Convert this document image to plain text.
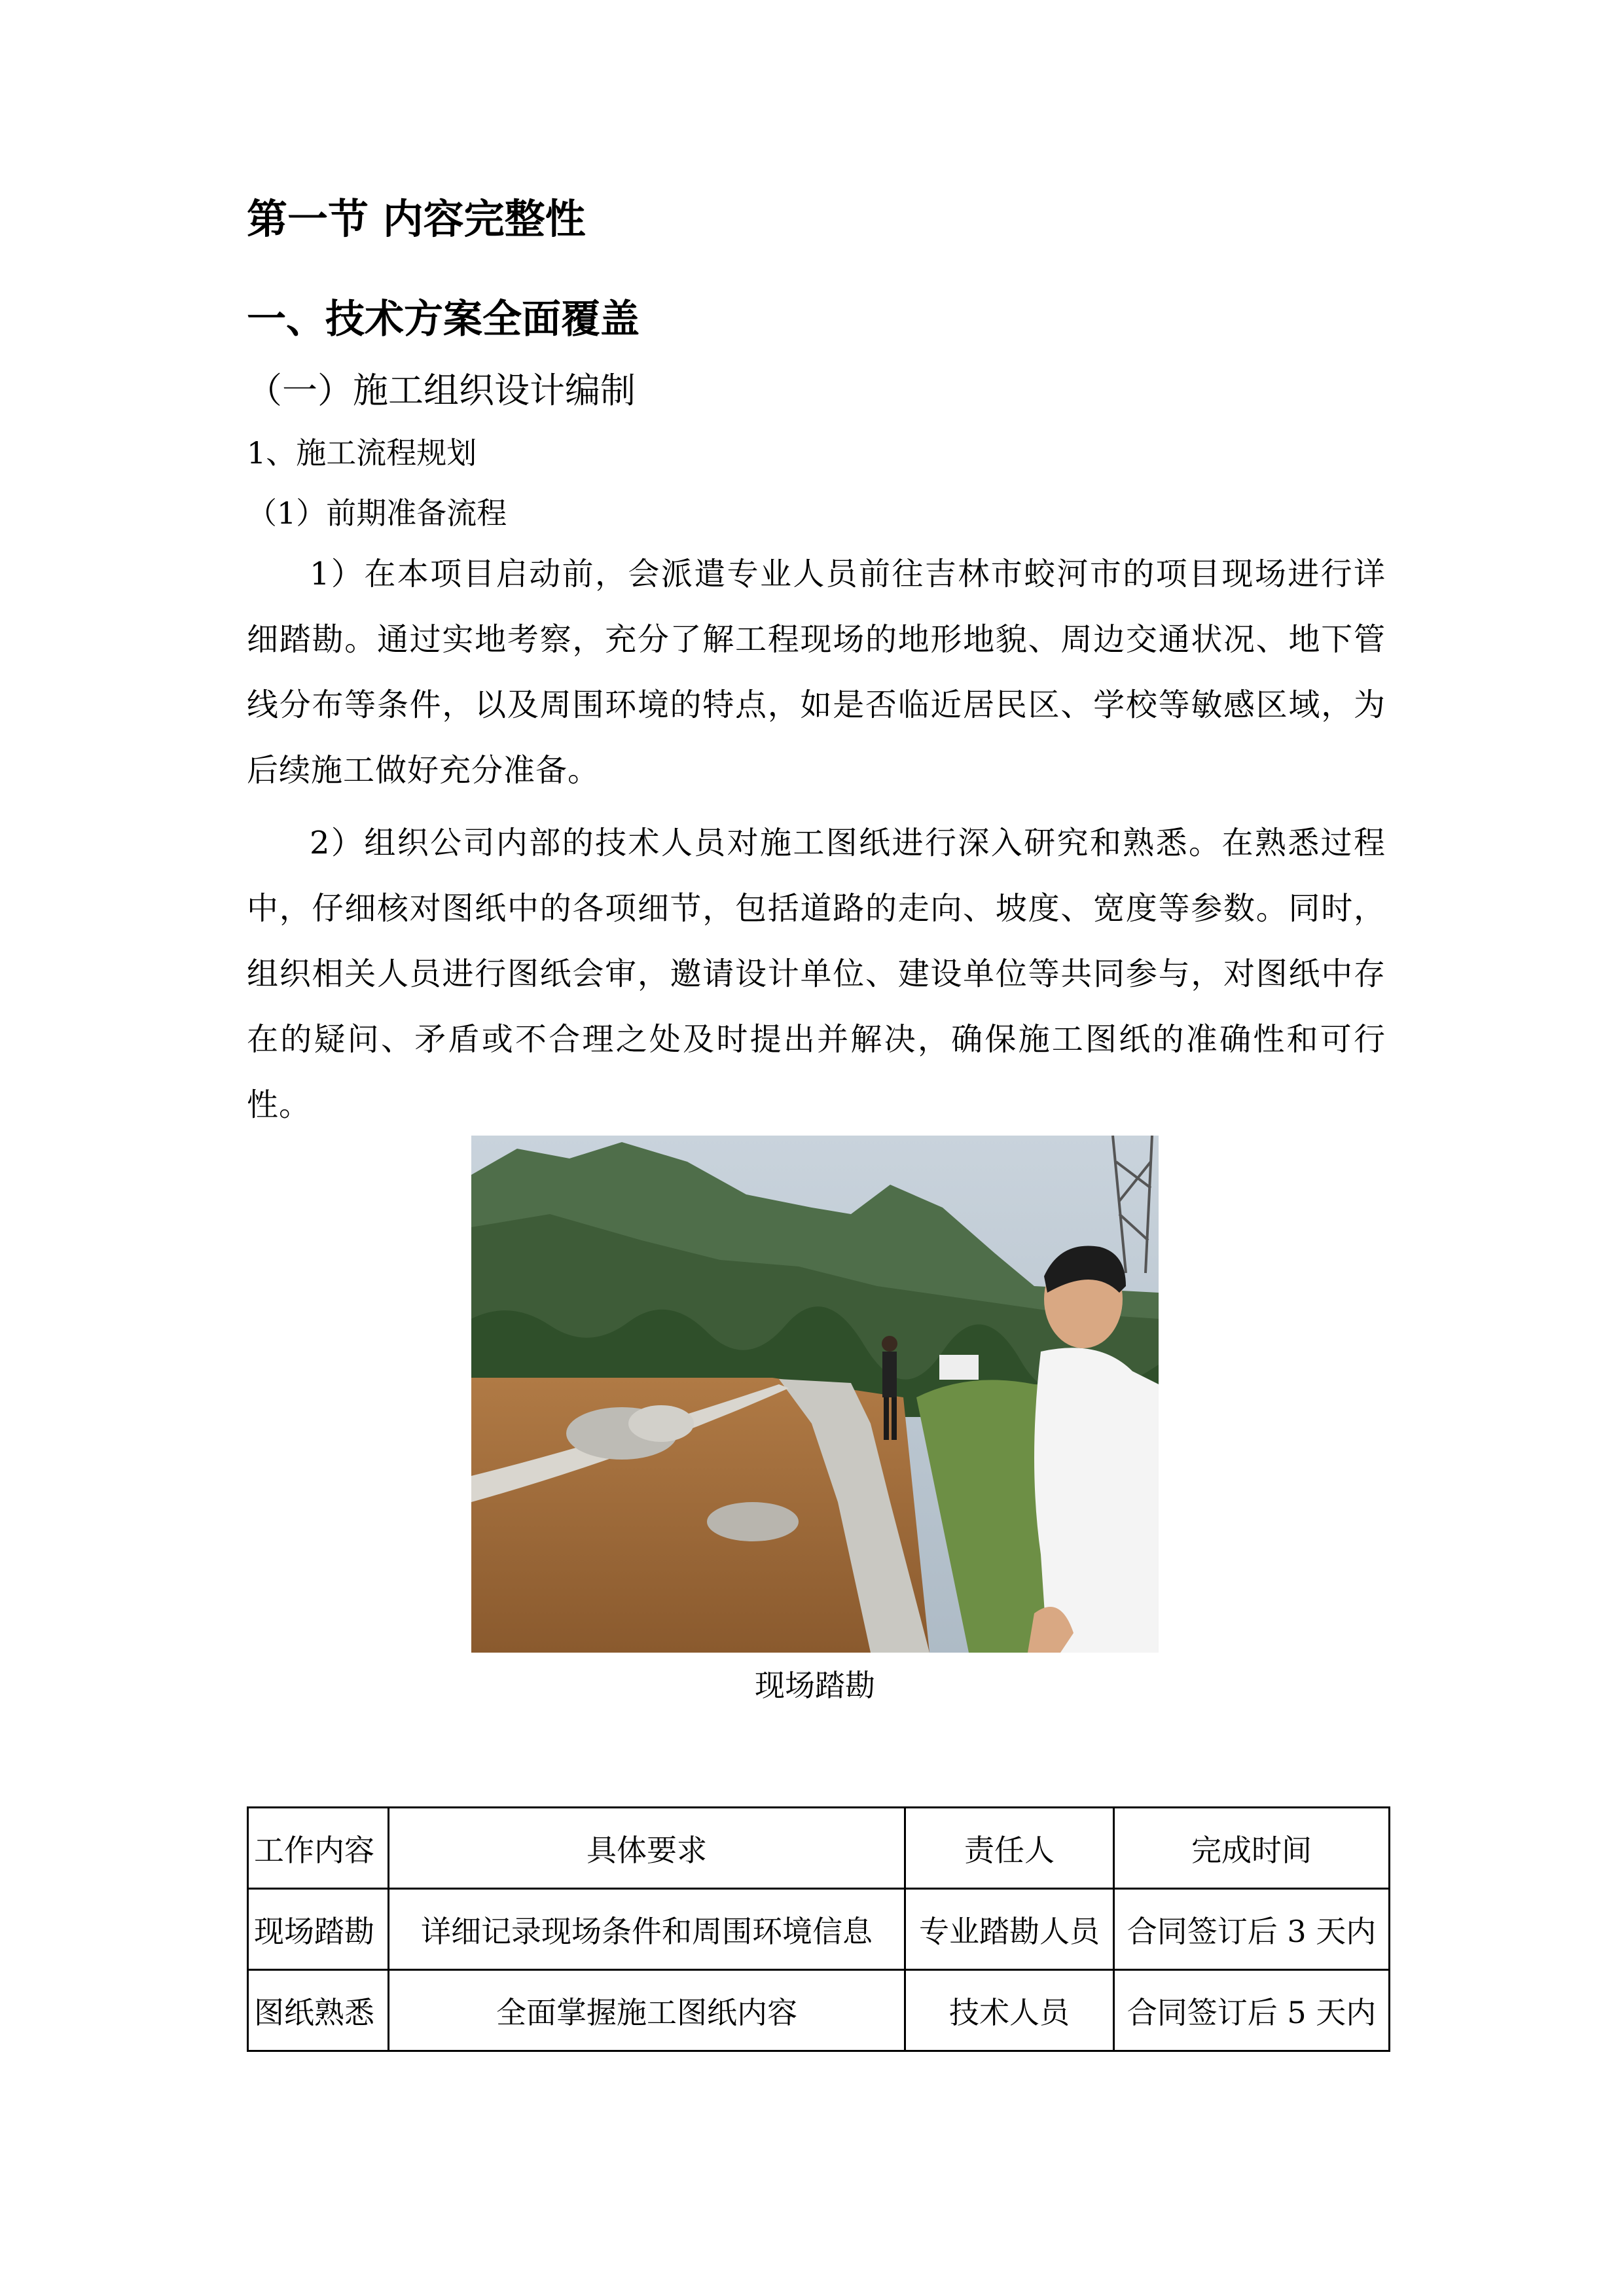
第一节 内容完整性
一、技术方案全面覆盖
（一）施工组织设计编制
1、施工流程规划
（1）前期准备流程

1）在本项目启动前，会派遣专业人员前往吉林市蛟河市的项目现场进行详细踏勘。通过实地考察，充分了解工程现场的地形地貌、周边交通状况、地下管线分布等条件，以及周围环境的特点，如是否临近居民区、学校等敏感区域，为后续施工做好充分准备。

2）组织公司内部的技术人员对施工图纸进行深入研究和熟悉。在熟悉过程中，仔细核对图纸中的各项细节，包括道路的走向、坡度、宽度等参数。同时，组织相关人员进行图纸会审，邀请设计单位、建设单位等共同参与，对图纸中存在的疑问、矛盾或不合理之处及时提出并解决，确保施工图纸的准确性和可行性。

现场踏勘
工作内容	具体要求	责任人	完成时间
现场踏勘	详细记录现场条件和周围环境信息	专业踏勘人员	合同签订后 3 天内
图纸熟悉	全面掌握施工图纸内容	技术人员	合同签订后 5 天内
